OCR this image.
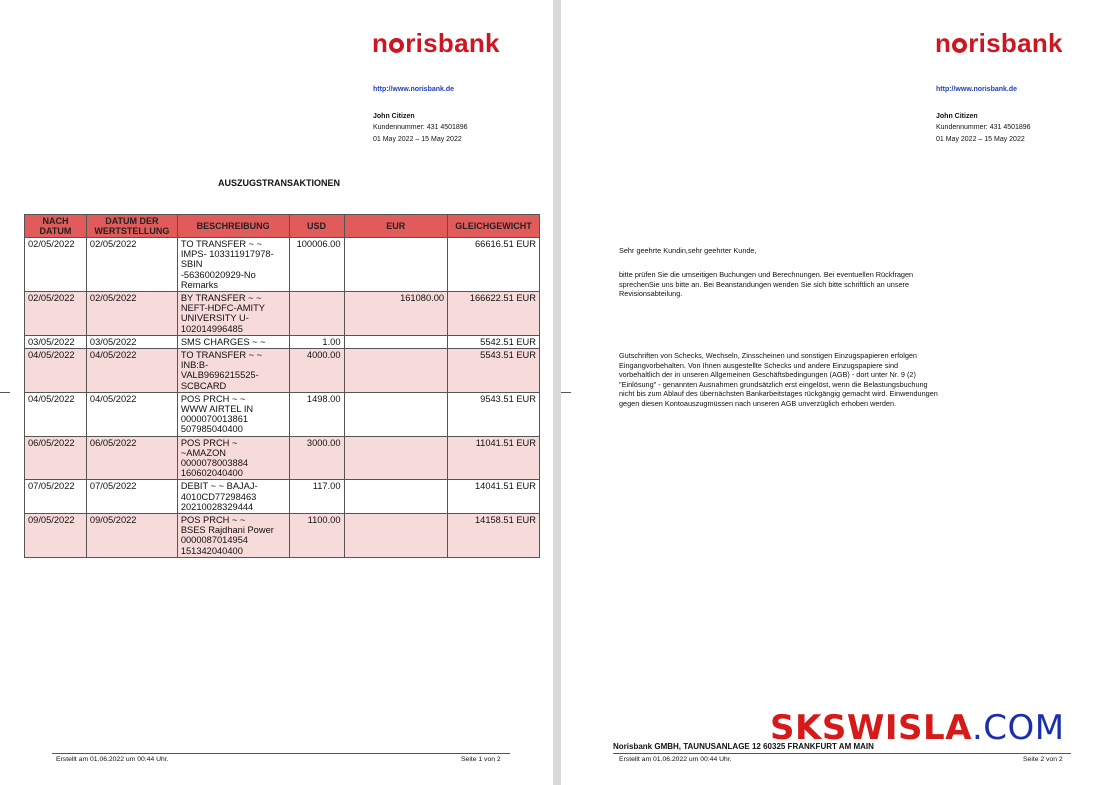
n risbank
http://www.norisbank.de
John Citizen
Kundennummer: 431 4501896
01 May 2022 – 15 May 2022
AUSZUGSTRANSAKTIONEN
NACH DATUM	DATUM DER WERTSTELLUNG	BESCHREIBUNG	USD	EUR	GLEICHGEWICHT
02/05/2022	02/05/2022	TO TRANSFER ~ ~
IMPS- 103311917978-
SBIN
-56360020929-No
Remarks	100006.00		66616.51 EUR
02/05/2022	02/05/2022	BY TRANSFER ~ ~
NEFT-HDFC-AMITY
UNIVERSITY U-
102014996485		161080.00	166622.51 EUR
03/05/2022	03/05/2022	SMS CHARGES ~ ~	1.00		5542.51 EUR
04/05/2022	04/05/2022	TO TRANSFER ~ ~
INB:B-
VALB9696215525-
SCBCARD	4000.00		5543.51 EUR
04/05/2022	04/05/2022	POS PRCH ~ ~
WWW AIRTEL IN
0000070013861
507985040400	1498.00		9543.51 EUR
06/05/2022	06/05/2022	POS PRCH ~
~AMAZON
0000078003884
160602040400	3000.00		11041.51 EUR
07/05/2022	07/05/2022	DEBIT ~ ~ BAJAJ-
4010CD77298463
20210028329444	117.00		14041.51 EUR
09/05/2022	09/05/2022	POS PRCH ~ ~
BSES Rajdhani Power
0000087014954
151342040400	1100.00		14158.51 EUR
Erstellt am 01.06.2022 um 00:44 Uhr.	Seite 1 von 2
n risbank
http://www.norisbank.de
John Citizen
Kundennummer: 431 4501896
01 May 2022 – 15 May 2022
Sehr geehrte Kundin,sehr geehrter Kunde,
bitte prüfen Sie die umseitigen Buchungen und Berechnungen. Bei eventuellen Rückfragen sprechenSie uns bitte an. Bei Beanstandungen wenden Sie sich bitte schriftlich an unsere Revisionsabteilung.
Gutschriften von Schecks, Wechseln, Zinsscheinen und sonstigen Einzugspapieren erfolgen Eingangvorbehalten. Von Ihnen ausgestellte Schecks und andere Einzugspapiere sind vorbehaltlich der in unseren Allgemeinen Geschäftsbedingungen (AGB) - dort unter Nr. 9 (2) "Einlösung" - genannten Ausnahmen grundsätzlich erst eingelöst, wenn die Belastungsbuchung nicht bis zum Ablauf des übernächsten Bankarbeitstages rückgängig gemacht wird. Einwendungen gegen diesen Kontoauszugmüssen nach unseren AGB unverzüglich erhoben werden.
Norisbank GMBH, TAUNUSANLAGE 12 60325 FRANKFURT AM MAIN
Erstellt am 01.06.2022 um 00:44 Uhr.	Seite 2 von 2
SKSWISLA.COM
